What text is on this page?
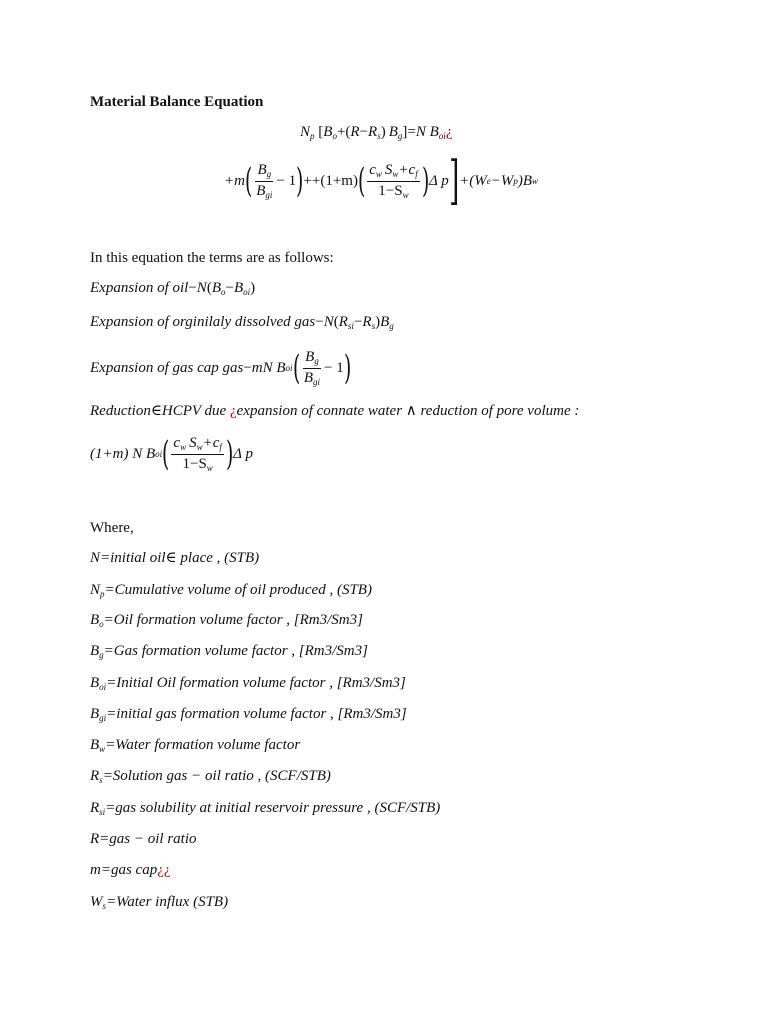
Material Balance Equation
$N_p$ [$B_o+(R-R_s)$ $B_g]=N$ $B_{oi}¿$
+m ( $\frac{B_g}{B_{gi}} - 1$ ) ++(1+m) ( $\frac{c_w S_w+c_f}{1-S_w}$ ) Δ p ] +(W e −W p )B w
In this equation the terms are as follows:
Expansion of $oil-N(B_o-B_{oi})$
Expansion of orginilaly dissolved $gas-N(R_{si}-R_s)B_g$
Expansion of gas cap gas − mN B oi ( $\frac{B_g}{B_{gi}} - 1$ )
Reduction∈HCPV due ¿expansion of connate water ∧ reduction of pore volume :
(1+m) N B oi ( $\frac{c_w S_w+c_f}{1-S_w}$ ) Δ p
Where,
N=initial oil∈ place , (STB)
$N_p=Cumulative$ volume of oil produced , (STB)
$B_o=Oil$ formation volume factor , [Rm3/Sm3]
$B_g=Gas$ formation volume factor , [Rm3/Sm3]
$B_{oi}=Initial$ Oil formation volume factor , [Rm3/Sm3]
$B_{gi}=initial$ gas formation volume factor , [Rm3/Sm3]
$B_w=Water$ formation volume factor
$R_s=Solution$ gas − oil ratio , (SCF/STB)
$R_{si}=gas$ solubility at initial reservoir pressure , (SCF/STB)
R=gas − oil ratio
m=gas cap¿¿
$W_s=Water$ influx (STB)
